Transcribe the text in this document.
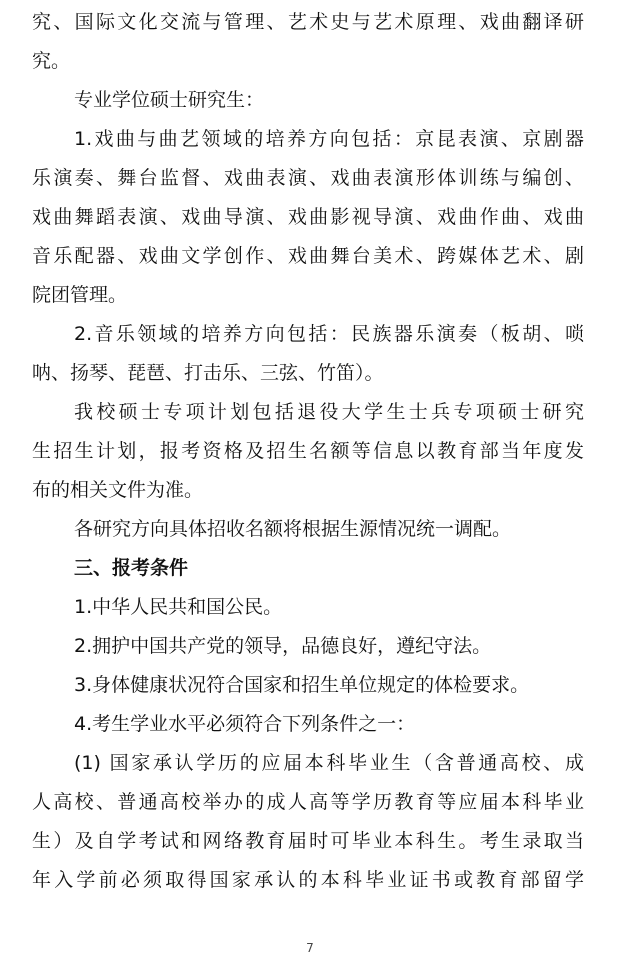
究、国际文化交流与管理、艺术史与艺术原理、戏曲翻译研
究。
专业学位硕士研究生：
1.戏曲与曲艺领域的培养方向包括：京昆表演、京剧器
乐演奏、舞台监督、戏曲表演、戏曲表演形体训练与编创、
戏曲舞蹈表演、戏曲导演、戏曲影视导演、戏曲作曲、戏曲
音乐配器、戏曲文学创作、戏曲舞台美术、跨媒体艺术、剧
院团管理。
2.音乐领域的培养方向包括：民族器乐演奏（板胡、唢
呐、扬琴、琵琶、打击乐、三弦、竹笛）。
我校硕士专项计划包括退役大学生士兵专项硕士研究
生招生计划，报考资格及招生名额等信息以教育部当年度发
布的相关文件为准。
各研究方向具体招收名额将根据生源情况统一调配。
三、报考条件
1.中华人民共和国公民。
2.拥护中国共产党的领导，品德良好，遵纪守法。
3.身体健康状况符合国家和招生单位规定的体检要求。
4.考生学业水平必须符合下列条件之一：
(1) 国家承认学历的应届本科毕业生（含普通高校、成
人高校、普通高校举办的成人高等学历教育等应届本科毕业
生）及自学考试和网络教育届时可毕业本科生。考生录取当
年入学前必须取得国家承认的本科毕业证书或教育部留学
7
